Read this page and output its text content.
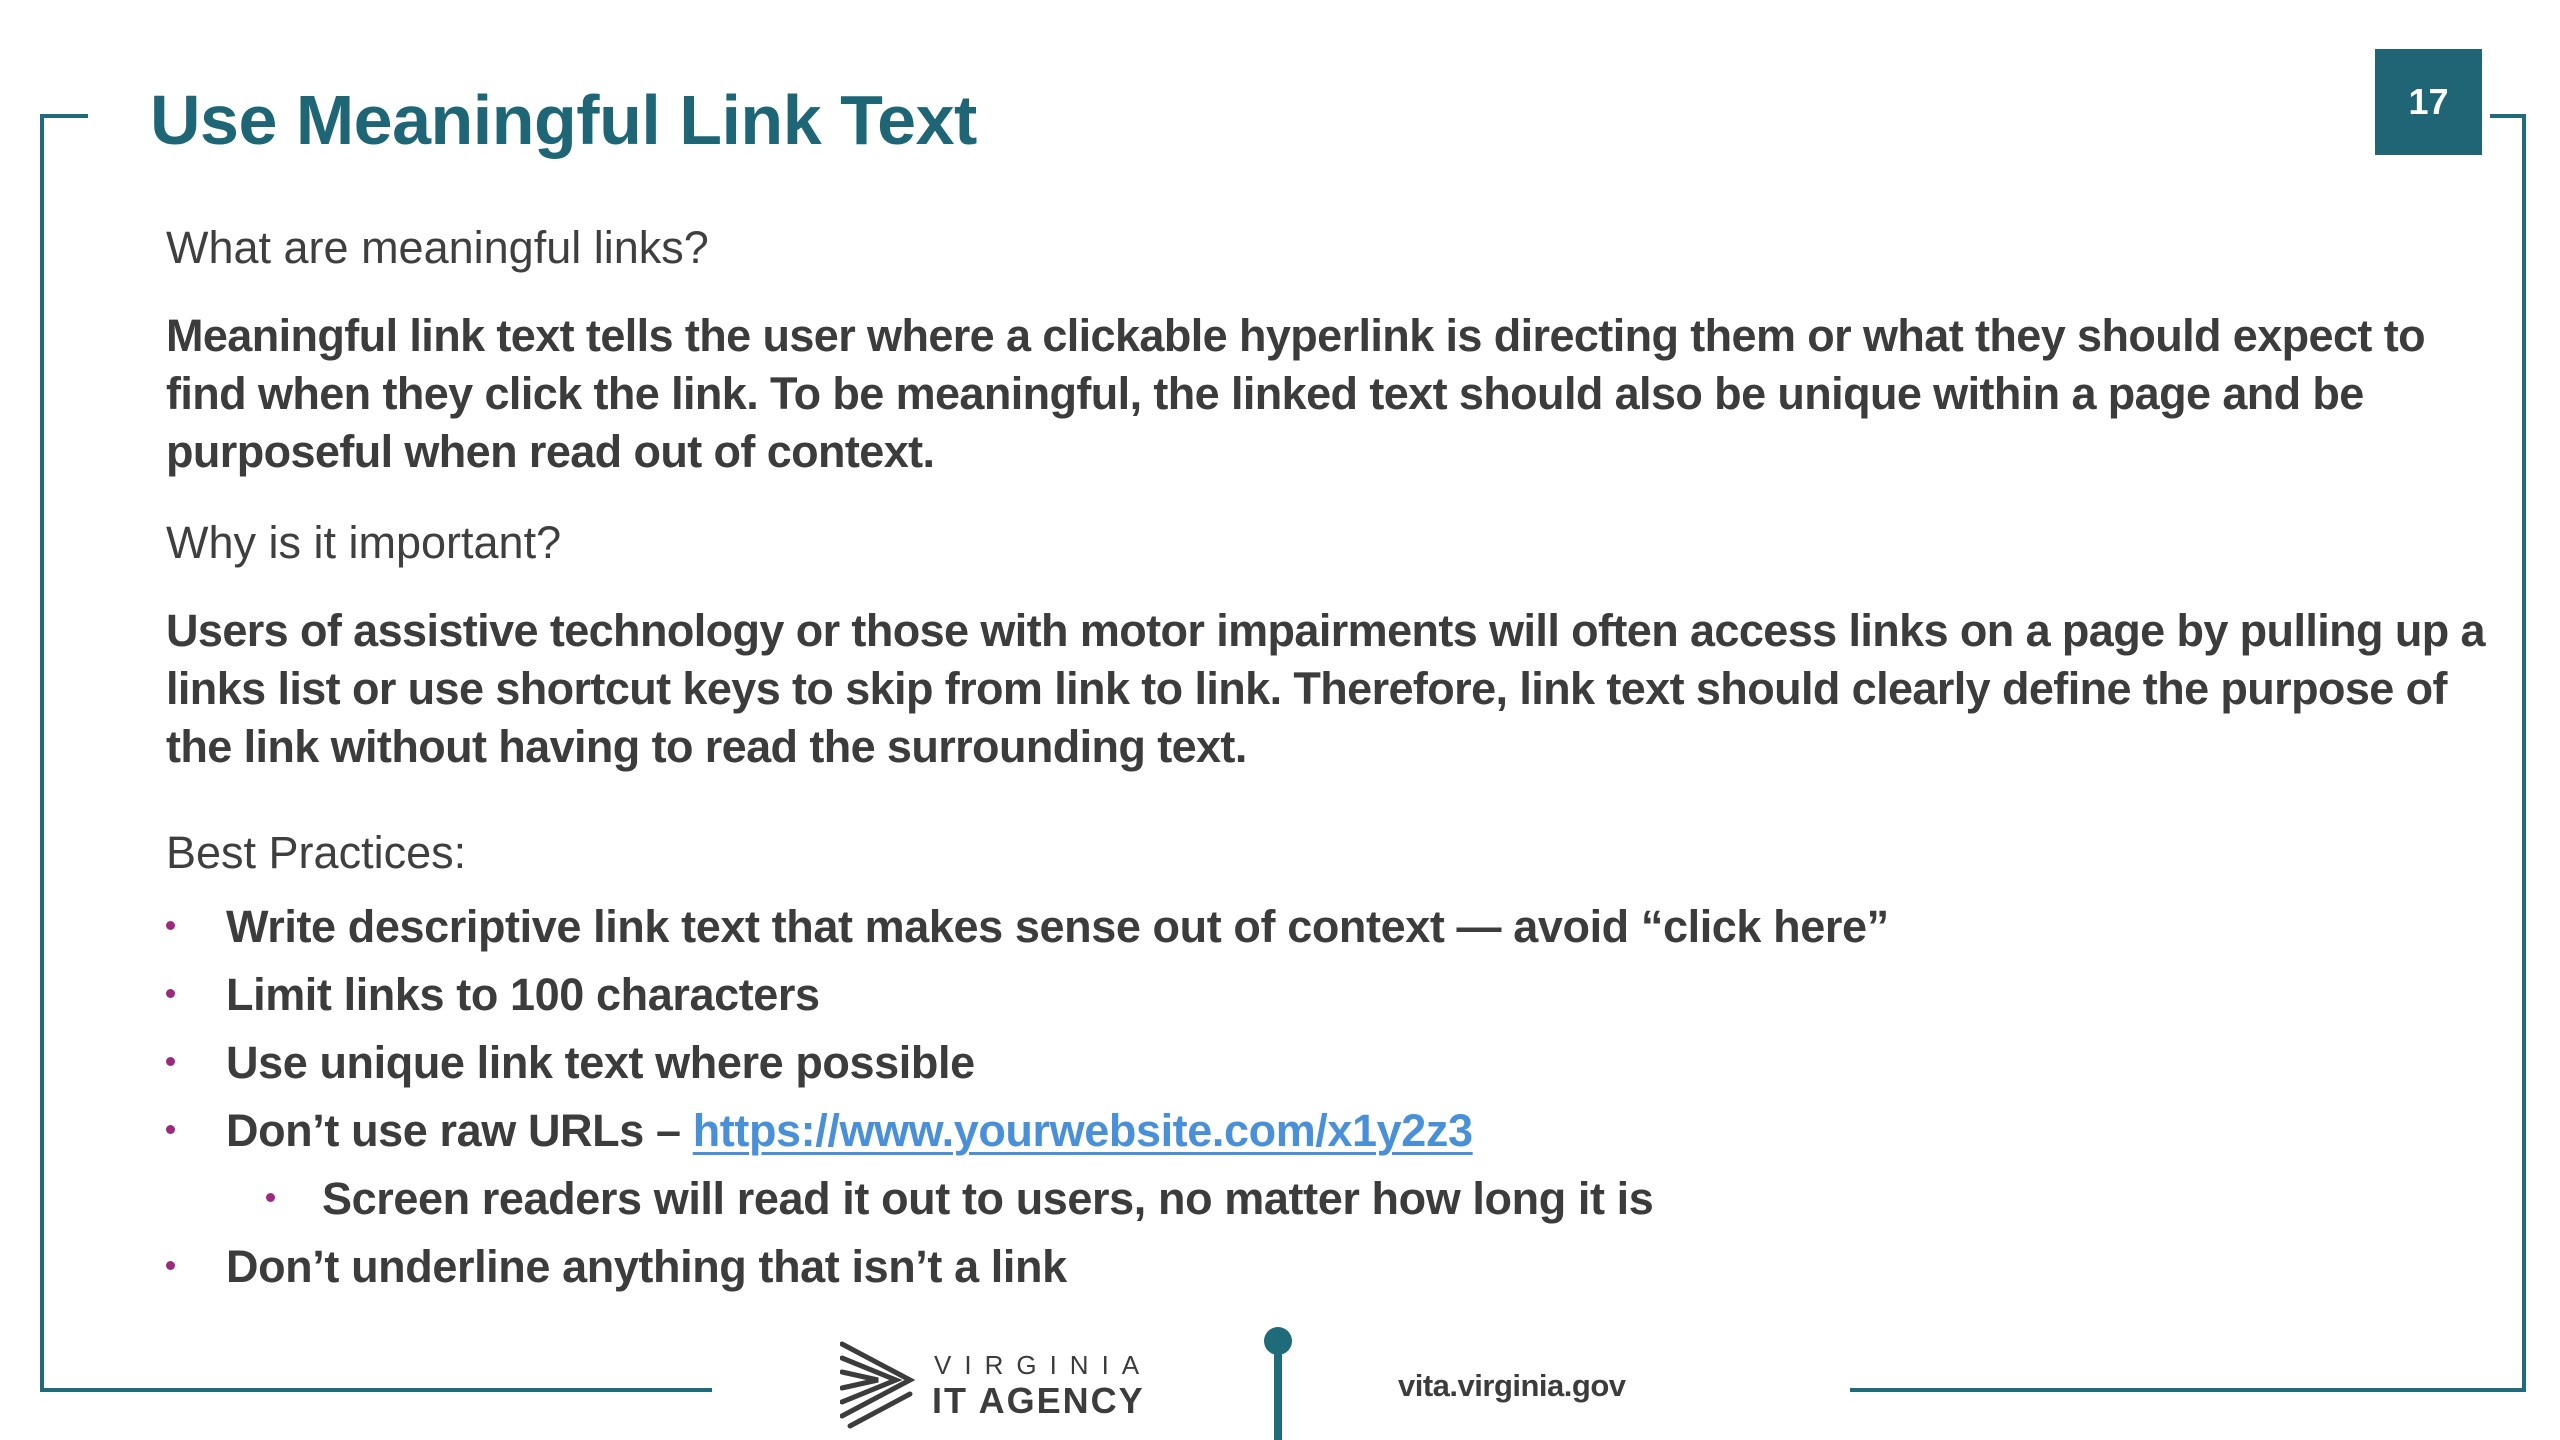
Use Meaningful Link Text	17
What are meaningful links?
Meaningful link text tells the user where a clickable hyperlink is directing them or what they should expect to find when they click the link. To be meaningful, the linked text should also be unique within a page and be purposeful when read out of context.
Why is it important?
Users of assistive technology or those with motor impairments will often access links on a page by pulling up a links list or use shortcut keys to skip from link to link. Therefore, link text should clearly define the purpose of the link without having to read the surrounding text.
Best Practices:
Write descriptive link text that makes sense out of context — avoid “click here”
Limit links to 100 characters
Use unique link text where possible
Don’t use raw URLs – https://www.yourwebsite.com/x1y2z3
Screen readers will read it out to users, no matter how long it is
Don’t underline anything that isn’t a link
VIRGINIA
IT AGENCY	vita.virginia.gov
